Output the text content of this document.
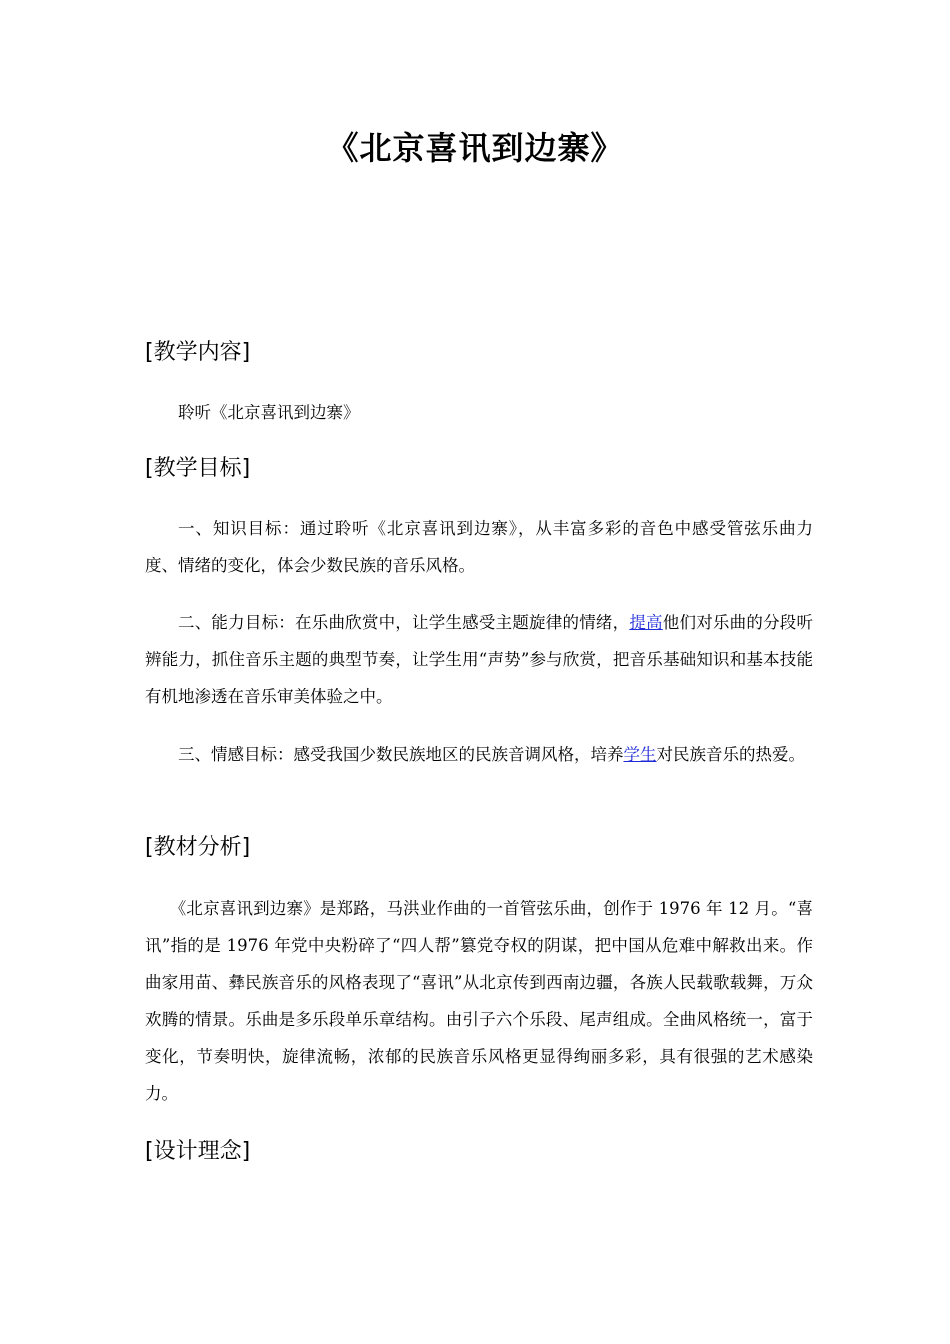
《北京喜讯到边寨》
[教学内容]
聆听《北京喜讯到边寨》
[教学目标]
一、知识目标：通过聆听《北京喜讯到边寨》，从丰富多彩的音色中感受管弦乐曲力度、情绪的变化，体会少数民族的音乐风格。
二、能力目标：在乐曲欣赏中，让学生感受主题旋律的情绪，提高他们对乐曲的分段听辨能力，抓住音乐主题的典型节奏，让学生用“声势”参与欣赏，把音乐基础知识和基本技能有机地渗透在音乐审美体验之中。
三、情感目标：感受我国少数民族地区的民族音调风格，培养学生对民族音乐的热爱。
[教材分析]
《北京喜讯到边寨》是郑路，马洪业作曲的一首管弦乐曲，创作于 1976 年 12 月。“喜讯”指的是 1976 年党中央粉碎了“四人帮”篡党夺权的阴谋，把中国从危难中解救出来。作曲家用苗、彝民族音乐的风格表现了“喜讯”从北京传到西南边疆，各族人民载歌载舞，万众欢腾的情景。乐曲是多乐段单乐章结构。由引子六个乐段、尾声组成。全曲风格统一，富于变化，节奏明快，旋律流畅，浓郁的民族音乐风格更显得绚丽多彩，具有很强的艺术感染力。
[设计理念]
